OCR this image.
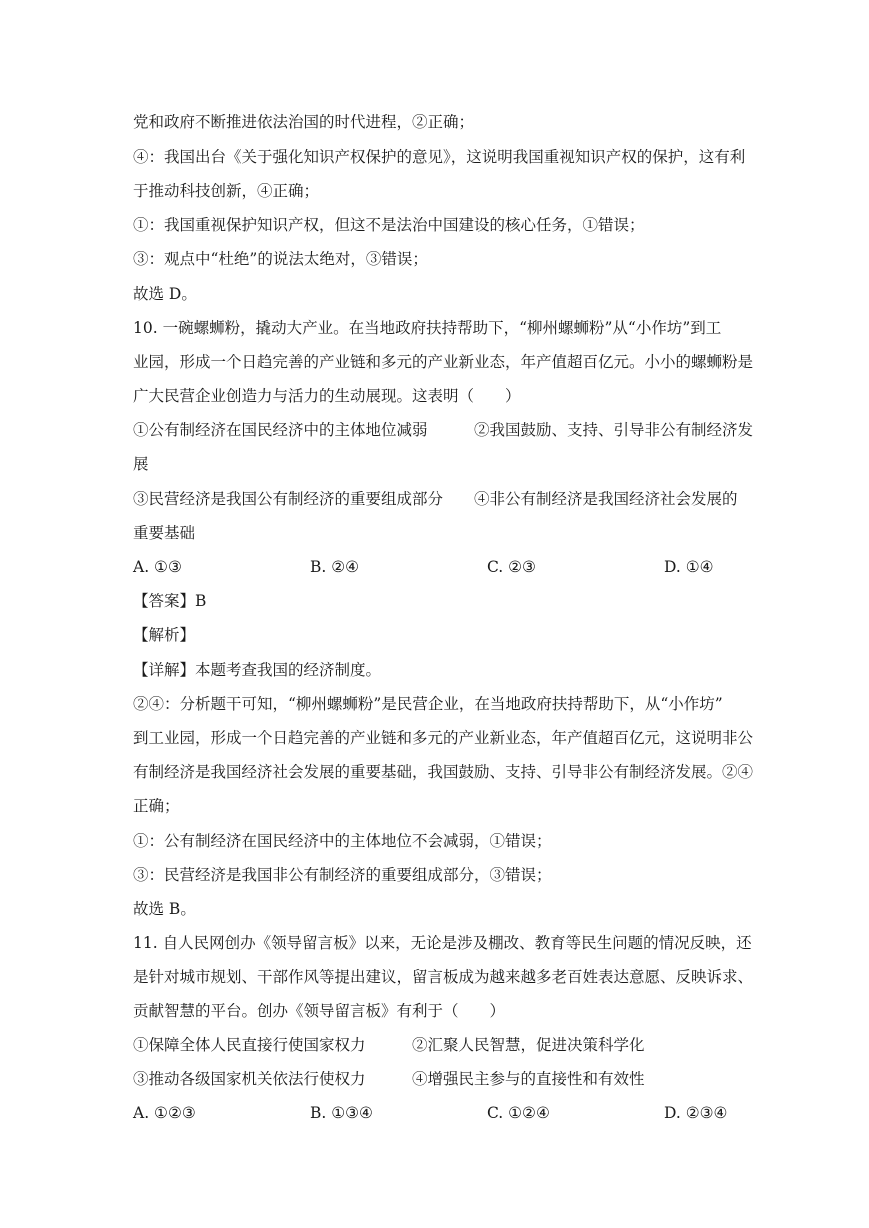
党和政府不断推进依法治国的时代进程，②正确；
④：我国出台《关于强化知识产权保护的意见》，这说明我国重视知识产权的保护，这有利
于推动科技创新，④正确；
①：我国重视保护知识产权，但这不是法治中国建设的核心任务，①错误；
③：观点中“杜绝”的说法太绝对，③错误；
故选 D。
10. 一碗螺蛳粉，撬动大产业。在当地政府扶持帮助下，“柳州螺蛳粉”从“小作坊”到工
业园，形成一个日趋完善的产业链和多元的产业新业态，年产值超百亿元。小小的螺蛳粉是
广大民营企业创造力与活力的生动展现。这表明（　　）
①公有制经济在国民经济中的主体地位减弱　　　②我国鼓励、支持、引导非公有制经济发
展
③民营经济是我国公有制经济的重要组成部分　　④非公有制经济是我国经济社会发展的
重要基础
A. ①③	B. ②④	C. ②③	D. ①④
【答案】B
【解析】
【详解】本题考查我国的经济制度。
②④：分析题干可知，“柳州螺蛳粉”是民营企业，在当地政府扶持帮助下，从“小作坊”
到工业园，形成一个日趋完善的产业链和多元的产业新业态，年产值超百亿元，这说明非公
有制经济是我国经济社会发展的重要基础，我国鼓励、支持、引导非公有制经济发展。②④
正确；
①：公有制经济在国民经济中的主体地位不会减弱，①错误；
③：民营经济是我国非公有制经济的重要组成部分，③错误；
故选 B。
11. 自人民网创办《领导留言板》以来，无论是涉及棚改、教育等民生问题的情况反映，还
是针对城市规划、干部作风等提出建议，留言板成为越来越多老百姓表达意愿、反映诉求、
贡献智慧的平台。创办《领导留言板》有利于（　　）
①保障全体人民直接行使国家权力　　　②汇聚人民智慧，促进决策科学化
③推动各级国家机关依法行使权力　　　④增强民主参与的直接性和有效性
A. ①②③	B. ①③④	C. ①②④	D. ②③④
